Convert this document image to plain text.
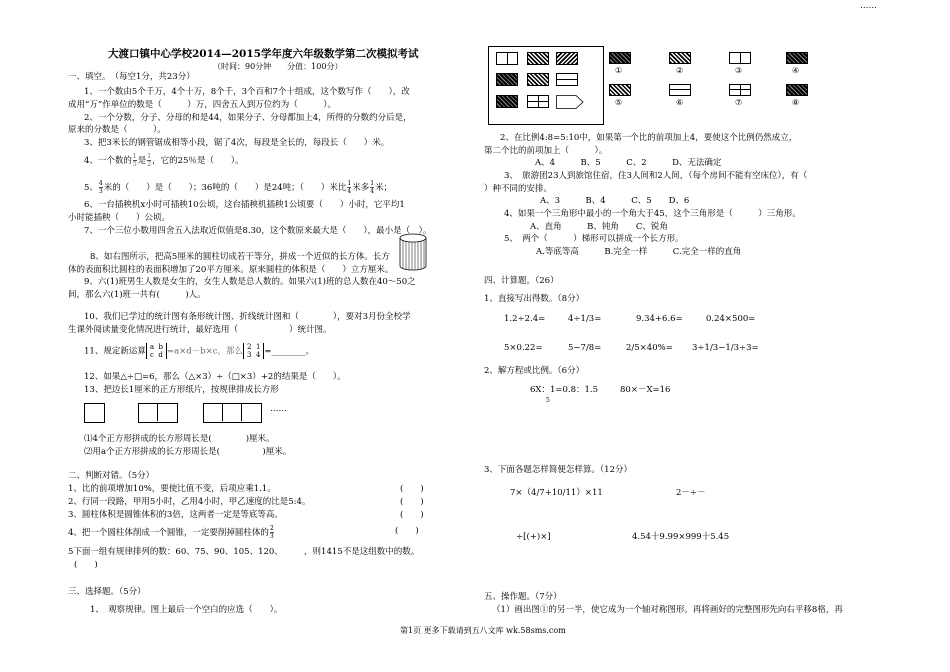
……
大渡口镇中心学校2014—2015学年度六年级数学第二次模拟考试
（时间：90分钟　　分值：100分）
一、填空。　（每空1分，共23分）
1、一个数由5个千万，4个十万，8个千，3个百和7个十组成，这个数写作（　　），改
成用“万”作单位的数是（　　　）万，四舍五入到万位约为（　　　）。
2、一个分数，分子、分母的和是44，如果分子、分母都加上4，所得的分数约分后是，
原来的分数是（　　　）。
3、把3米长的钢管锯成相等小段，锯了4次，每段是全长的，每段长（　　）米。
4、一个数的 $\frac{1}{5}$ 是 $\frac{1}{2}$ ，它的25％是（　　）。
5、 $\frac{4}{3}$ 米的（　　）是（　　）；36吨的（　　）是24吨；（　　）米比 $\frac{1}{4}$ 米多 $\frac{1}{4}$ 米；
6、一台插秧机x小时可插秧10公顷，这台插秧机插秧1公顷要（　　）小时，它平均1
小时能插秧（　　）公顷。
7、一个三位小数用四舍五入法取近似值是8.30，这个数原来最大是（　　），最小是（　）。
8、如右图所示，把高5厘米的圆柱切成若干等分，拼成一个近似的长方体。长方
体的表面积比圆柱的表面积增加了20平方厘米。原来圆柱的体积是（　　）立方厘米。
9、六(1)班男生人数是女生的，女生人数是总人数的。如果六(1)班的总人数在40～50之
间，那么六(1)班一共有(　　　)人。
10、我们已学过的统计图有条形统计图、折线统计图和（　　　　），要对3月份全校学
生课外阅读量变化情况进行统计，最好选用（　　　　　　）统计图。
11、规定新运算 a b
c d =a×d－b×c，那么 2 1
3 4 =________。
12、如果△÷□=6，那么（△×3）÷（□×3）+2的结果是（　　）。
13、把边长1厘米的正方形纸片，按规律排成长方形
……
⑴4个正方形拼成的长方形周长是(　　　　)厘米。
⑵用a个正方形拼成的长方形周长是(　　　　　)厘米。
二、判断对错。（5分）
1、比的前项增加10%，要使比值不变，后项应乘1.1。	(　　)
2、行同一段路，甲用5小时，乙用4小时，甲乙速度的比是5:4。	(　　)
3、圆柱体积是圆锥体积的3倍，这两者一定是等底等高。	(　　)
4、把一个圆柱体削成一个圆锥，一定要削掉圆柱体的 $\frac{2}{3}$	(　　)
5下面一组有规律排列的数：60、75、90、105、120、　　　，则1415不是这组数中的数。
(　　)
三、选择题。（5分）
1、　观察规律。图上最后一个空白的应选（　　）。
①	②	③	④
⑤	⑥	⑦	⑧
2、在比例4:8=5:10中，如果第一个比的前项加上4，要使这个比例仍然成立，
第二个比的前项加上（　　　）。
A、4　　　B、5　　　C、2　　　D、无法确定
3、　旅游团23人到旅馆住宿，住3人间和2人间，（每个房间不能有空床位），有（
）种不同的安排。
A、3　　　B、4　　　C、5　　D、6
4、如果一个三角形中最小的一个角大于45，这个三角形是（　　　）三角形。
A、直角　　　B、钝角　　C、锐角
5、　两个（　　　）梯形可以拼成一个长方形。
A.等底等高　　　B.完全一样　　　C.完全一样的直角
四、计算题。（26）
1、直接写出得数。（8分）
1.2÷2.4=	4÷1/3=	9.34+6.6=	0.24×500=
5×0.22=	5−7/8=	2/5×40%= 3÷1/3−1/3÷3=
2、解方程或比例。（6分）
6X：1=0.8：1.5
5
80×－X=16
3、下面各题怎样简便怎样算。（12分）
7×（4/7+10/11）×11	2－÷－
÷[(+)×]	4.54十9.99×999十5.45
五、操作题。（7分）
（1）画出图①的另一半，使它成为一个轴对称图形。再将画好的完整图形先向右平移8格，再
第1页 更多下载请到五八文库 wk.58sms.com
